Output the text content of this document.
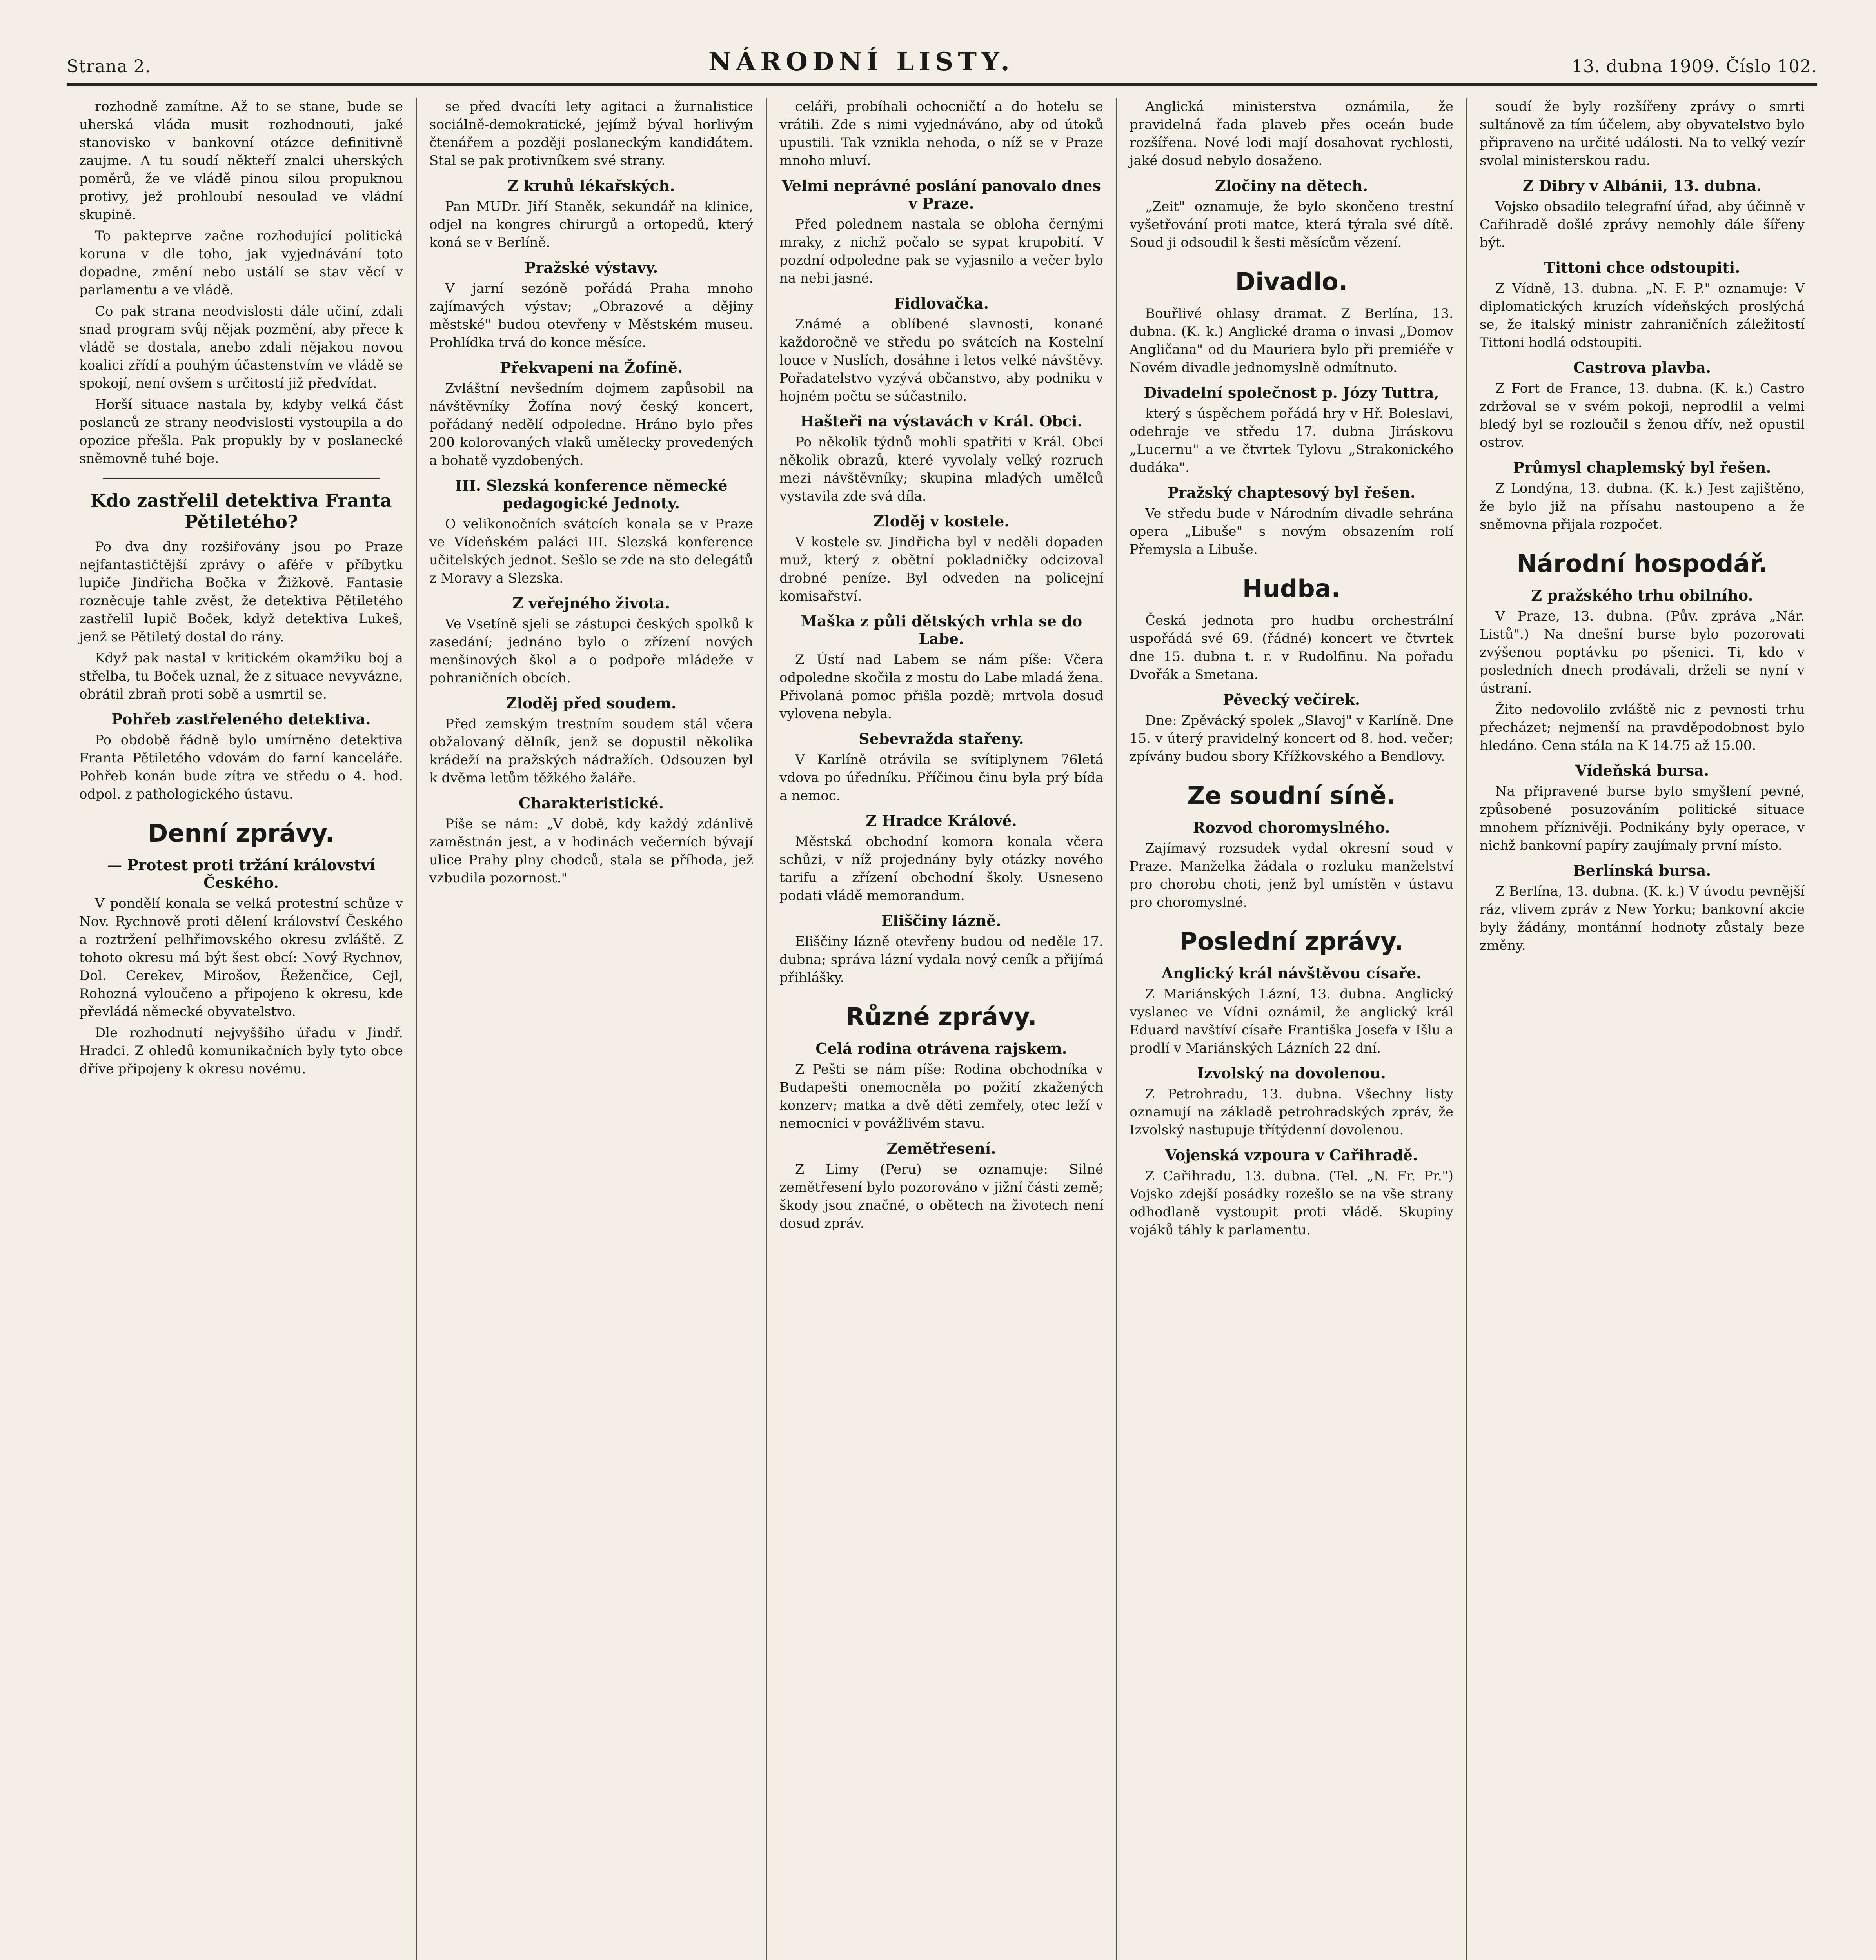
Strana 2.	NÁRODNÍ LISTY.	13. dubna 1909. Číslo 102.

rozhodně zamítne. Až to se stane, bude se uherská vláda musit rozhodnouti, jaké stanovisko v bankovní otázce definitivně zaujme. A tu soudí někteří znalci uherských poměrů, že ve vládě pinou silou propuknou protivy, jež prohloubí nesoulad ve vládní skupině.

To pakteprve začne rozhodující politická koruna v dle toho, jak vyjednávání toto dopadne, změní nebo ustálí se stav věcí v parlamentu a ve vládě.

Co pak strana neodvislosti dále učiní, zdali snad program svůj nějak pozmění, aby přece k vládě se dostala, anebo zdali nějakou novou koalici zřídí a pouhým účastenstvím ve vládě se spokojí, není ovšem s určitostí již předvídat.

Horší situace nastala by, kdyby velká část poslanců ze strany neodvislosti vystoupila a do opozice přešla. Pak propukly by v poslanecké sněmovně tuhé boje.

Kdo zastřelil detektiva Franta Pětiletého?

Po dva dny rozšiřovány jsou po Praze nejfantastičtější zprávy o aféře v příbytku lupiče Jindřicha Bočka v Žižkově. Fantasie rozněcuje tahle zvěst, že detektiva Pětiletého zastřelil lupič Boček, když detektiva Lukeš, jenž se Pětiletý dostal do rány.

Když pak nastal v kritickém okamžiku boj a střelba, tu Boček uznal, že z situace nevyvázne, obrátil zbraň proti sobě a usmrtil se.

Pohřeb zastřeleného detektiva.

Po obdobě řádně bylo umírněno detektiva Franta Pětiletého vdovám do farní kanceláře. Pohřeb konán bude zítra ve středu o 4. hod. odpol. z pathologického ústavu.

Denní zprávy.
— Protest proti tržání království Českého.

V pondělí konala se velká protestní schůze v Nov. Rychnově proti dělení království Českého a roztržení pelhřimovského okresu zvláště. Z tohoto okresu má být šest obcí: Nový Rychnov, Dol. Cerekev, Mirošov, Řeženčice, Cejl, Rohozná vyloučeno a připojeno k okresu, kde převládá německé obyvatelstvo.

Dle rozhodnutí nejvyššího úřadu v Jindř. Hradci. Z ohledů komunikačních byly tyto obce dříve připojeny k okresu novému.

se před dvacíti lety agitaci a žurnalistice sociálně-demokratické, jejímž býval horlivým čtenářem a později poslaneckým kandidátem. Stal se pak protivníkem své strany.

Z kruhů lékařských.

Pan MUDr. Jiří Staněk, sekundář na klinice, odjel na kongres chirurgů a ortopedů, který koná se v Berlíně.

Pražské výstavy.

V jarní sezóně pořádá Praha mnoho zajímavých výstav; „Obrazové a dějiny městské" budou otevřeny v Městském museu. Prohlídka trvá do konce měsíce.

Překvapení na Žofíně.

Zvláštní nevšedním dojmem zapůsobil na návštěvníky Žofína nový český koncert, pořádaný nedělí odpoledne. Hráno bylo přes 200 kolorovaných vlaků umělecky provedených a bohatě vyzdobených.

III. Slezská konference německé pedagogické Jednoty.

O velikonočních svátcích konala se v Praze ve Vídeňském paláci III. Slezská konference učitelských jednot. Sešlo se zde na sto delegátů z Moravy a Slezska.

Z veřejného života.

Ve Vsetíně sjeli se zástupci českých spolků k zasedání; jednáno bylo o zřízení nových menšinových škol a o podpoře mládeže v pohraničních obcích.

Zloděj před soudem.

Před zemským trestním soudem stál včera obžalovaný dělník, jenž se dopustil několika krádeží na pražských nádražích. Odsouzen byl k dvěma letům těžkého žaláře.

Charakteristické.

Píše se nám: „V době, kdy každý zdánlivě zaměstnán jest, a v hodinách večerních bývají ulice Prahy plny chodců, stala se příhoda, jež vzbudila pozornost."

celáři, probíhali ochocničtí a do hotelu se vrátili. Zde s nimi vyjednáváno, aby od útoků upustili. Tak vznikla nehoda, o níž se v Praze mnoho mluví.

Velmi neprávné poslání panovalo dnes v Praze.

Před polednem nastala se obloha černými mraky, z nichž počalo se sypat krupobití. V pozdní odpoledne pak se vyjasnilo a večer bylo na nebi jasné.

Fidlovačka.

Známé a oblíbené slavnosti, konané každoročně ve středu po svátcích na Kostelní louce v Nuslích, dosáhne i letos velké návštěvy. Pořadatelstvo vyzývá občanstvo, aby podniku v hojném počtu se súčastnilo.

Hašteři na výstavách v Král. Obci.

Po několik týdnů mohli spatřiti v Král. Obci několik obrazů, které vyvolaly velký rozruch mezi návštěvníky; skupina mladých umělců vystavila zde svá díla.

Zloděj v kostele.

V kostele sv. Jindřicha byl v neděli dopaden muž, který z obětní pokladničky odcizoval drobné peníze. Byl odveden na policejní komisařství.

Maška z půli dětských vrhla se do Labe.

Z Ústí nad Labem se nám píše: Včera odpoledne skočila z mostu do Labe mladá žena. Přivolaná pomoc přišla pozdě; mrtvola dosud vylovena nebyla.

Sebevražda stařeny.

V Karlíně otrávila se svítiplynem 76letá vdova po úředníku. Příčinou činu byla prý bída a nemoc.

Z Hradce Králové.

Městská obchodní komora konala včera schůzi, v níž projednány byly otázky nového tarifu a zřízení obchodní školy. Usneseno podati vládě memorandum.

Eliščiny lázně.

Eliščiny lázně otevřeny budou od neděle 17. dubna; správa lázní vydala nový ceník a přijímá přihlášky.

Různé zprávy.
Celá rodina otrávena rajskem.

Z Pešti se nám píše: Rodina obchodníka v Budapešti onemocněla po požití zkažených konzerv; matka a dvě děti zemřely, otec leží v nemocnici v povážlivém stavu.

Zemětřesení.

Z Limy (Peru) se oznamuje: Silné zemětřesení bylo pozorováno v jižní části země; škody jsou značné, o obětech na životech není dosud zpráv.

Anglická ministerstva oznámila, že pravidelná řada plaveb přes oceán bude rozšířena. Nové lodi mají dosahovat rychlosti, jaké dosud nebylo dosaženo.

Zločiny na dětech.

„Zeit" oznamuje, že bylo skončeno trestní vyšetřování proti matce, která týrala své dítě. Soud ji odsoudil k šesti měsícům vězení.

Divadlo.

Bouřlivé ohlasy dramat. Z Berlína, 13. dubna. (K. k.) Anglické drama o invasi „Domov Angličana" od du Mauriera bylo při premiéře v Novém divadle jednomyslně odmítnuto.

Divadelní společnost p. Józy Tuttra,

který s úspěchem pořádá hry v Hř. Boleslavi, odehraje ve středu 17. dubna Jiráskovu „Lucernu" a ve čtvrtek Tylovu „Strakonického dudáka".

Pražský chaptesový byl řešen.

Ve středu bude v Národním divadle sehrána opera „Libuše" s novým obsazením rolí Přemysla a Libuše.

Hudba.

Česká jednota pro hudbu orchestrální uspořádá své 69. (řádné) koncert ve čtvrtek dne 15. dubna t. r. v Rudolfinu. Na pořadu Dvořák a Smetana.

Pěvecký večírek.

Dne: Zpěvácký spolek „Slavoj" v Karlíně. Dne 15. v úterý pravidelný koncert od 8. hod. večer; zpívány budou sbory Křížkovského a Bendlovy.

Ze soudní síně.
Rozvod choromyslného.

Zajímavý rozsudek vydal okresní soud v Praze. Manželka žádala o rozluku manželství pro chorobu choti, jenž byl umístěn v ústavu pro choromyslné.

Poslední zprávy.
Anglický král návštěvou císaře.

Z Mariánských Lázní, 13. dubna. Anglický vyslanec ve Vídni oznámil, že anglický král Eduard navštíví císaře Františka Josefa v Išlu a prodlí v Mariánských Lázních 22 dní.

Izvolský na dovolenou.

Z Petrohradu, 13. dubna. Všechny listy oznamují na základě petrohradských zpráv, že Izvolský nastupuje třítýdenní dovolenou.

Vojenská vzpoura v Cařihradě.

Z Cařihradu, 13. dubna. (Tel. „N. Fr. Pr.") Vojsko zdejší posádky rozešlo se na vše strany odhodlaně vystoupit proti vládě. Skupiny vojáků táhly k parlamentu.

soudí že byly rozšířeny zprávy o smrti sultánově za tím účelem, aby obyvatelstvo bylo připraveno na určité události. Na to velký vezír svolal ministerskou radu.

Z Dibry v Albánii, 13. dubna.

Vojsko obsadilo telegrafní úřad, aby účinně v Cařihradě došlé zprávy nemohly dále šířeny být.

Tittoni chce odstoupiti.

Z Vídně, 13. dubna. „N. F. P." oznamuje: V diplomatických kruzích vídeňských proslýchá se, že italský ministr zahraničních záležitostí Tittoni hodlá odstoupiti.

Castrova plavba.

Z Fort de France, 13. dubna. (K. k.) Castro zdržoval se v svém pokoji, neprodlil a velmi bledý byl se rozloučil s ženou dřív, než opustil ostrov.

Průmysl chaplemský byl řešen.

Z Londýna, 13. dubna. (K. k.) Jest zajištěno, že bylo již na přísahu nastoupeno a že sněmovna přijala rozpočet.

Národní hospodář.
Z pražského trhu obilního.

V Praze, 13. dubna. (Pův. zpráva „Nár. Listů".) Na dnešní burse bylo pozorovati zvýšenou poptávku po pšenici. Ti, kdo v posledních dnech prodávali, drželi se nyní v ústraní.

Žito nedovolilo zvláště nic z pevnosti trhu přecházet; nejmenší na pravděpodobnost bylo hledáno. Cena stála na K 14.75 až 15.00.

Vídeňská bursa.

Na připravené burse bylo smyšlení pevné, způsobené posuzováním politické situace mnohem příznivěji. Podnikány byly operace, v nichž bankovní papíry zaujímaly první místo.

Berlínská bursa.

Z Berlína, 13. dubna. (K. k.) V úvodu pevnější ráz, vlivem zpráv z New Yorku; bankovní akcie byly žádány, montánní hodnoty zůstaly beze změny.
